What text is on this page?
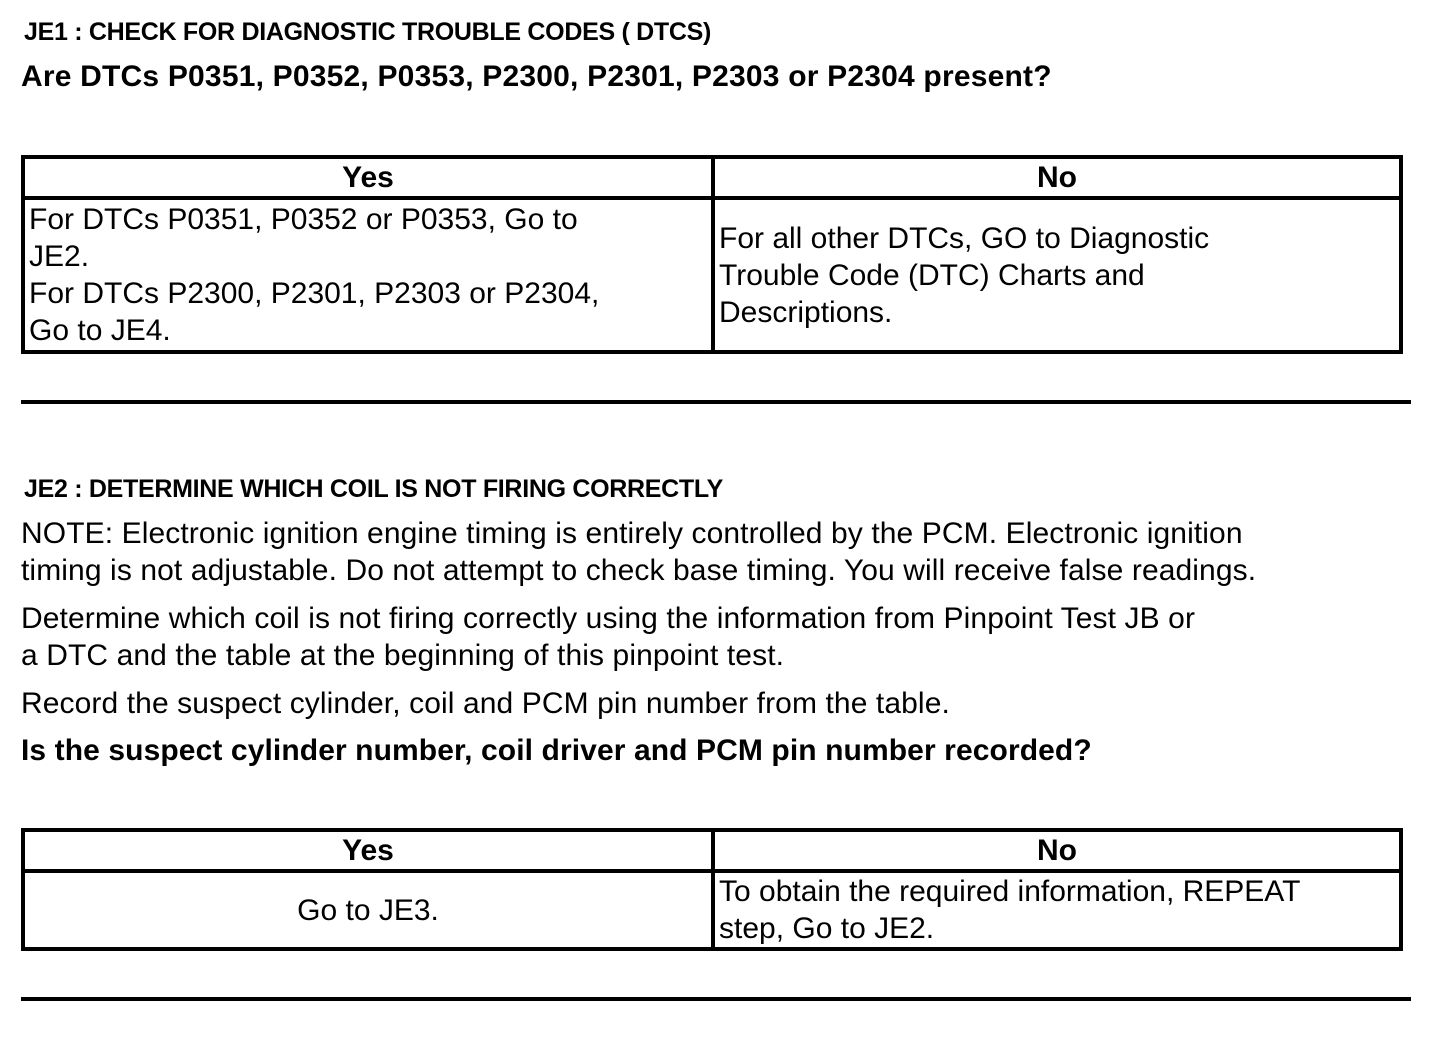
JE1 : CHECK FOR DIAGNOSTIC TROUBLE CODES ( DTCS)
Are DTCs P0351, P0352, P0353, P2300, P2301, P2303 or P2304 present?
Yes	No
For DTCs P0351, P0352 or P0353, Go to
JE2.
For DTCs P2300, P2301, P2303 or P2304,
Go to JE4.	For all other DTCs, GO to Diagnostic
Trouble Code (DTC) Charts and
Descriptions.
JE2 : DETERMINE WHICH COIL IS NOT FIRING CORRECTLY
NOTE: Electronic ignition engine timing is entirely controlled by the PCM. Electronic ignition
timing is not adjustable. Do not attempt to check base timing. You will receive false readings.
Determine which coil is not firing correctly using the information from Pinpoint Test JB or
a DTC and the table at the beginning of this pinpoint test.
Record the suspect cylinder, coil and PCM pin number from the table.
Is the suspect cylinder number, coil driver and PCM pin number recorded?
Yes	No
Go to JE3.	To obtain the required information, REPEAT
step, Go to JE2.
